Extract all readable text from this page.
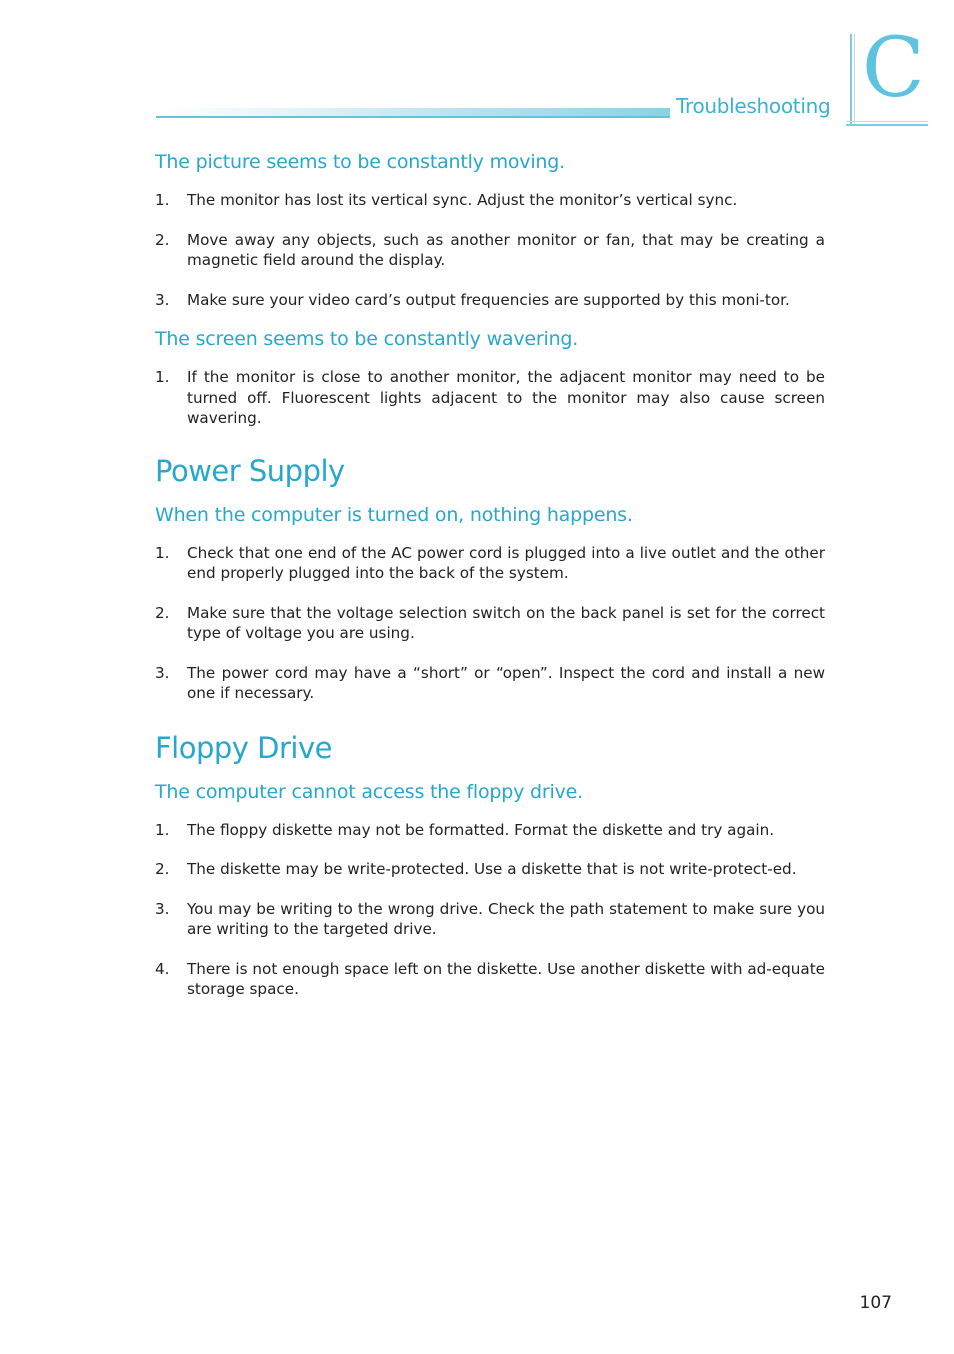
Troubleshooting C
The picture seems to be constantly moving.
1. The monitor has lost its vertical sync. Adjust the monitor’s vertical sync.
2. Move away any objects, such as another monitor or fan, that may be creating a magnetic field around the display.
3. Make sure your video card’s output frequencies are supported by this moni-tor.
The screen seems to be constantly wavering.
1. If the monitor is close to another monitor, the adjacent monitor may need to be turned off. Fluorescent lights adjacent to the monitor may also cause screen wavering.
Power Supply
When the computer is turned on, nothing happens.
1. Check that one end of the AC power cord is plugged into a live outlet and the other end properly plugged into the back of the system.
2. Make sure that the voltage selection switch on the back panel is set for the correct type of voltage you are using.
3. The power cord may have a “short” or “open”. Inspect the cord and install a new one if necessary.
Floppy Drive
The computer cannot access the floppy drive.
1. The floppy diskette may not be formatted. Format the diskette and try again.
2. The diskette may be write-protected. Use a diskette that is not write-protect-ed.
3. You may be writing to the wrong drive. Check the path statement to make sure you are writing to the targeted drive.
4. There is not enough space left on the diskette. Use another diskette with ad-equate storage space.
107
